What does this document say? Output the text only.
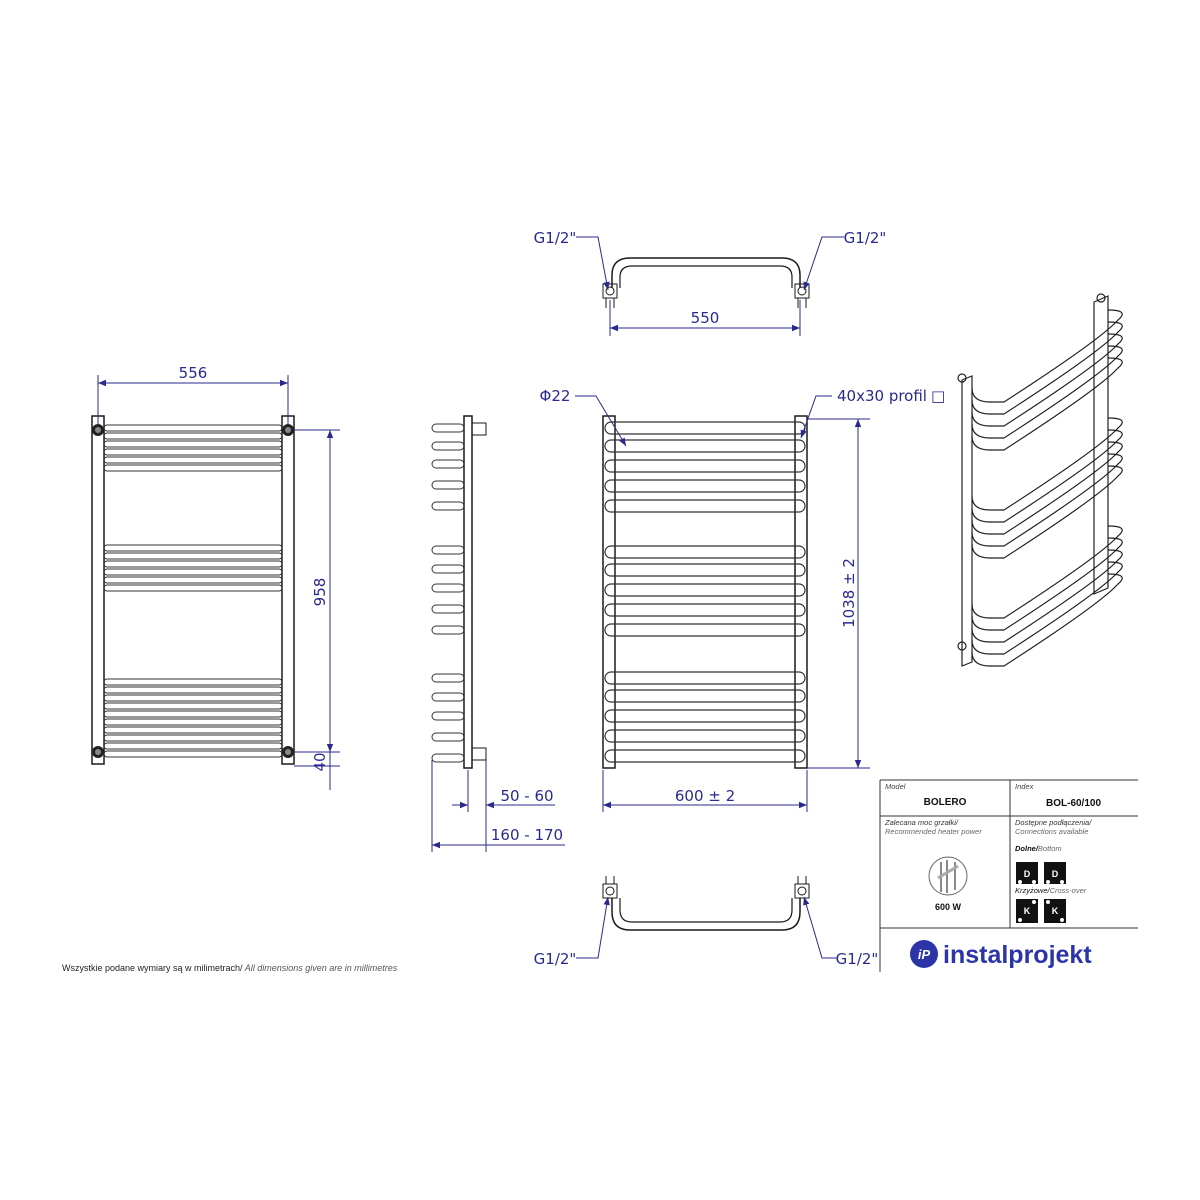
556
958
40
50 - 60
160 - 170
550
G1/2"	G1/2"
1038 ± 2
600 ± 2
Φ22	40x30 profil □
G1/2"	G1/2"
Model
BOLERO
Index
BOL-60/100
Zalecana moc grzałki/
Recommended heater power
600 W
Dostępne podłączenia/
Connections available
Dolne/Bottom
D D
Krzyżowe/Cross-over
K K
iP instalprojekt
Wszystkie podane wymiary są w milimetrach/ All dimensions given are in millimetres
